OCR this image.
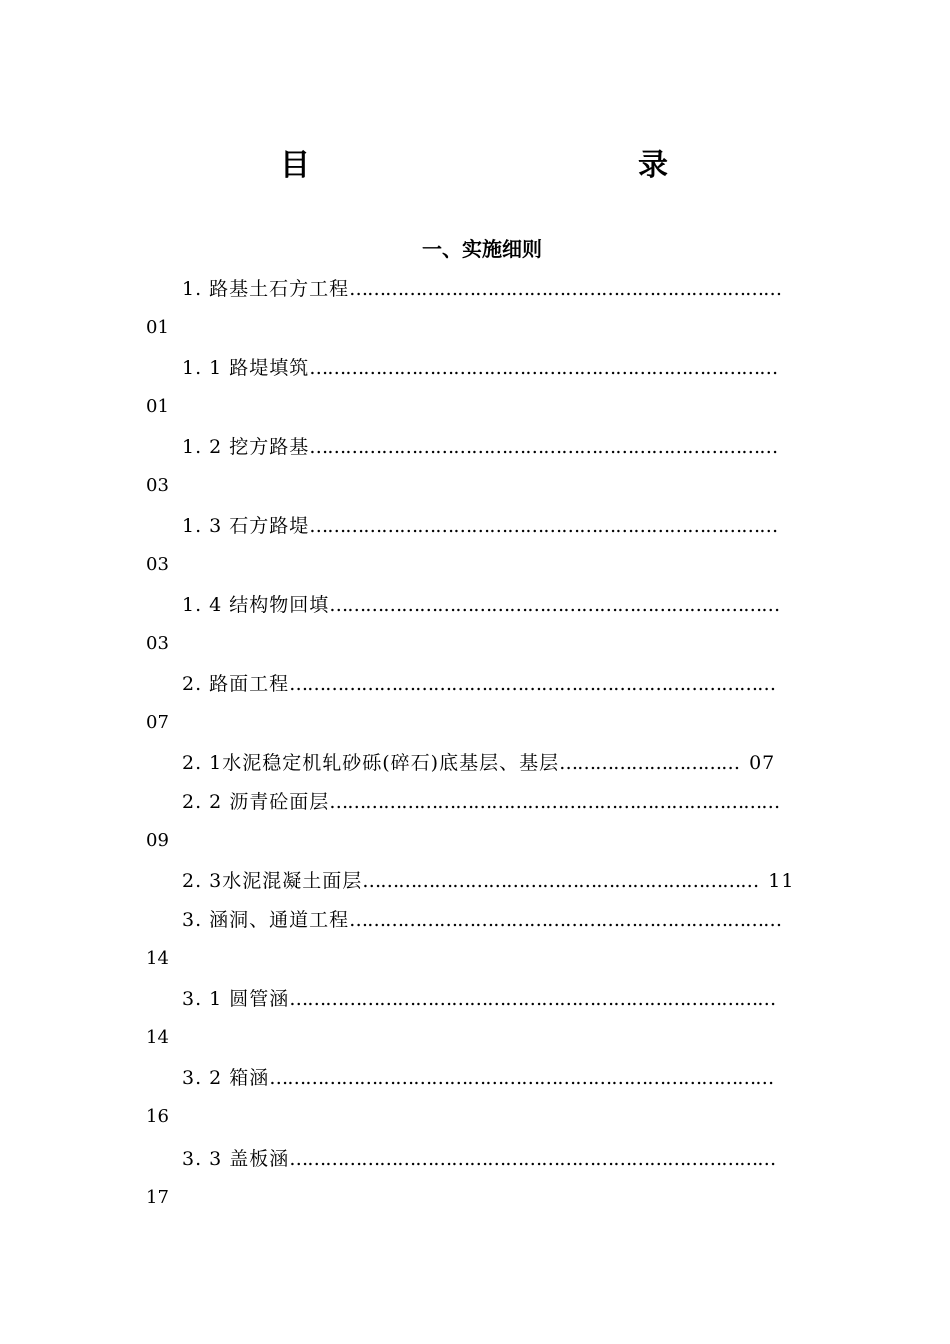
目	录
一、实施细则
1. 路基土石方工程………………………………………………………………
01
1. 1 路堤填筑……………………………………………………………………
01
1. 2 挖方路基……………………………………………………………………
03
1. 3 石方路堤……………………………………………………………………
03
1. 4 结构物回填…………………………………………………………………
03
2. 路面工程………………………………………………………………………
07
2. 1水泥稳定机轧砂砾(碎石)底基层、基层………………………… 07
2. 2 沥青砼面层…………………………………………………………………
09
2. 3水泥混凝土面层………………………………………………………… 11
3. 涵洞、通道工程………………………………………………………………
14
3. 1 圆管涵………………………………………………………………………
14
3. 2 箱涵…………………………………………………………………………
16
3. 3 盖板涵………………………………………………………………………
17
